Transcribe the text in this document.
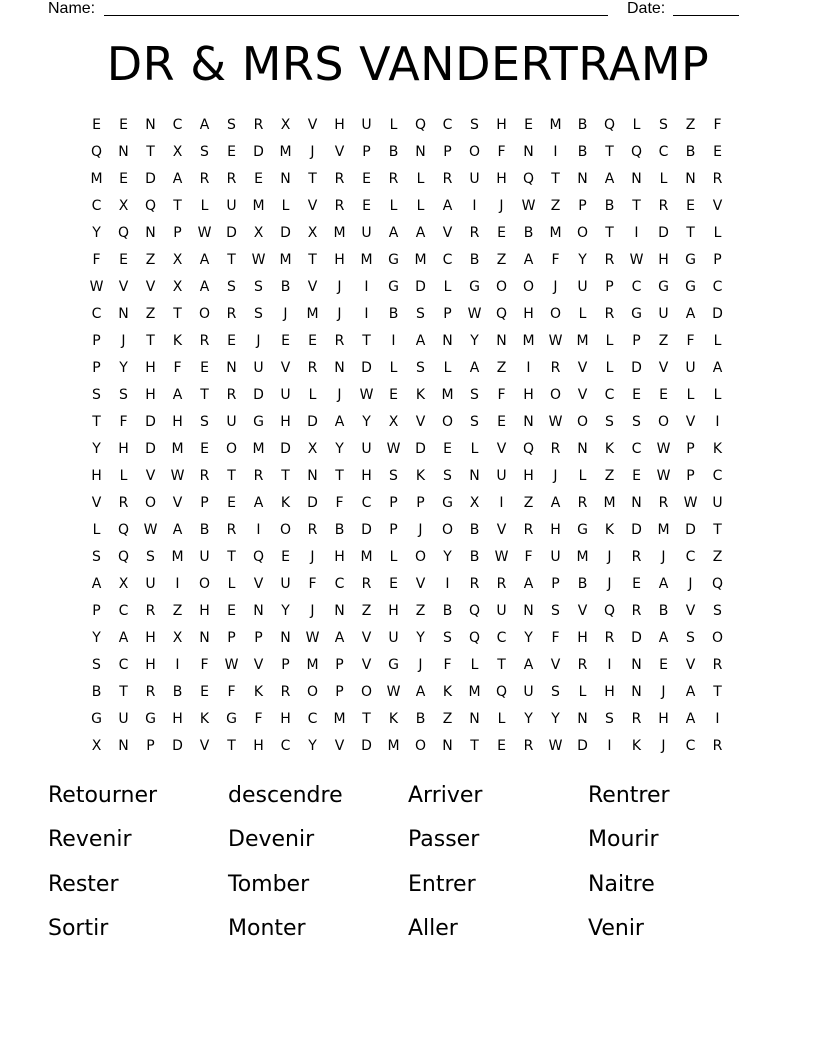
Name:	Date:
DR & MRS VANDERTRAMP
E	E	N	C	A	S	R	X	V	H	U	L	Q	C	S	H	E	M	B	Q	L	S	Z	F
Q	N	T	X	S	E	D	M	J	V	P	B	N	P	O	F	N	I	B	T	Q	C	B	E
M	E	D	A	R	R	E	N	T	R	E	R	L	R	U	H	Q	T	N	A	N	L	N	R
C	X	Q	T	L	U	M	L	V	R	E	L	L	A	I	J	W	Z	P	B	T	R	E	V
Y	Q	N	P	W	D	X	D	X	M	U	A	A	V	R	E	B	M	O	T	I	D	T	L
F	E	Z	X	A	T	W	M	T	H	M	G	M	C	B	Z	A	F	Y	R	W	H	G	P
W	V	V	X	A	S	S	B	V	J	I	G	D	L	G	O	O	J	U	P	C	G	G	C
C	N	Z	T	O	R	S	J	M	J	I	B	S	P	W	Q	H	O	L	R	G	U	A	D
P	J	T	K	R	E	J	E	E	R	T	I	A	N	Y	N	M	W	M	L	P	Z	F	L
P	Y	H	F	E	N	U	V	R	N	D	L	S	L	A	Z	I	R	V	L	D	V	U	A
S	S	H	A	T	R	D	U	L	J	W	E	K	M	S	F	H	O	V	C	E	E	L	L
T	F	D	H	S	U	G	H	D	A	Y	X	V	O	S	E	N	W	O	S	S	O	V	I
Y	H	D	M	E	O	M	D	X	Y	U	W	D	E	L	V	Q	R	N	K	C	W	P	K
H	L	V	W	R	T	R	T	N	T	H	S	K	S	N	U	H	J	L	Z	E	W	P	C
V	R	O	V	P	E	A	K	D	F	C	P	P	G	X	I	Z	A	R	M	N	R	W	U
L	Q	W	A	B	R	I	O	R	B	D	P	J	O	B	V	R	H	G	K	D	M	D	T
S	Q	S	M	U	T	Q	E	J	H	M	L	O	Y	B	W	F	U	M	J	R	J	C	Z
A	X	U	I	O	L	V	U	F	C	R	E	V	I	R	R	A	P	B	J	E	A	J	Q
P	C	R	Z	H	E	N	Y	J	N	Z	H	Z	B	Q	U	N	S	V	Q	R	B	V	S
Y	A	H	X	N	P	P	N	W	A	V	U	Y	S	Q	C	Y	F	H	R	D	A	S	O
S	C	H	I	F	W	V	P	M	P	V	G	J	F	L	T	A	V	R	I	N	E	V	R
B	T	R	B	E	F	K	R	O	P	O	W	A	K	M	Q	U	S	L	H	N	J	A	T
G	U	G	H	K	G	F	H	C	M	T	K	B	Z	N	L	Y	Y	N	S	R	H	A	I
X	N	P	D	V	T	H	C	Y	V	D	M	O	N	T	E	R	W	D	I	K	J	C	R
Retourner	descendre	Arriver	Rentrer
Revenir	Devenir	Passer	Mourir
Rester	Tomber	Entrer	Naitre
Sortir	Monter	Aller	Venir
